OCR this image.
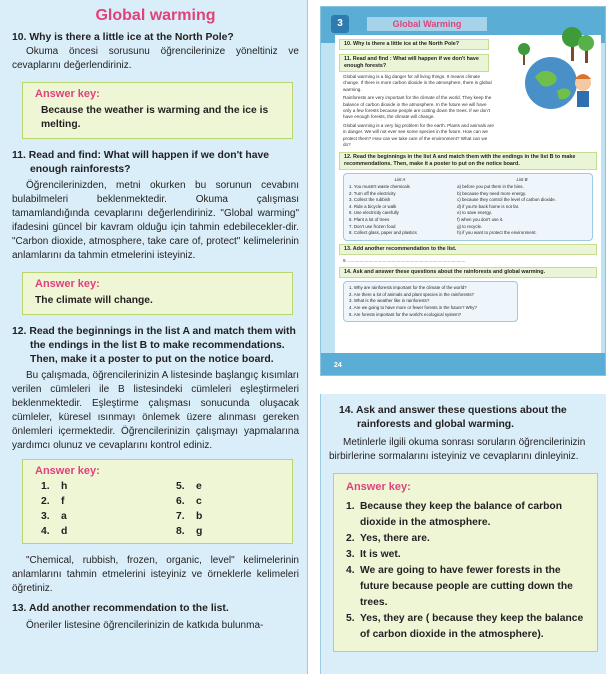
Global warming
10. Why is there a little ice at the North Pole?

Okuma öncesi sorusunu öğrencilerinize yöneltiniz ve cevaplarını değerlendiriniz.

Answer key:
Because the weather is warming and the ice is melting.
11. Read and find: What will happen if we don't have enough rainforests?

Öğrencilerinizden, metni okurken bu sorunun cevabını bulabilmeleri beklenmektedir. Okuma çalışması tamamlandığında cevaplarını değerlendiriniz. "Global warming" ifadesini güncel bir kavram olduğu için tahmin edebilecekler-dir. "Carbon dioxide, atmosphere, take care of, protect" kelimelerinin anlamlarını da tahmin etmelerini isteyiniz.

Answer key:
The climate will change.
12. Read the beginnings in the list A and match them with the endings in the list B to make recommendations. Then, make it a poster to put on the notice board.

Bu çalışmada, öğrencilerinizin A listesinde başlangıç kısımları verilen cümleleri ile B listesindeki cümleleri eşleştirmeleri beklenmektedir. Eşleştirme çalışması sonucunda oluşacak cümleler, küresel ısınmayı önlemek üzere alınması gereken önlemleri içermektedir. Öğrencilerinizin çalışmayı yapmalarına yardımcı olunuz ve cevaplarını kontrol ediniz.

Answer key:
1. h	5. e
2. f	6. c
3. a	7. b
4. d	8. g

"Chemical, rubbish, frozen, organic, level" kelimelerinin anlamlarını tahmin etmelerini isteyiniz ve örneklerle kelimeleri öğretiniz.

13. Add another recommendation to the list.

Öneriler listesine öğrencilerinizin de katkıda bulunma-

3	Global Warming
10. Why is there a little ice at the North Pole?
11. Read and find : What will happen if we don't have enough forests?

Global warming is a big danger for all living things. It means climate change. If there is more carbon dioxide in the atmosphere, there is global warming.

Rainforests are very important for the climate of the world. They keep the balance of carbon dioxide in the atmosphere. In the future we will have only a few forests because people are cutting down the trees. If we don't have enough forests, the climate will change.

Global warming is a very big problem for the earth. Plants and animals are in danger. We will not ever see some species in the future. How can we protect them? How can we take care of the environment? What can we do?

12. Read the beginnings in the list A and match them with the endings in the list B to make recommendations. Then, make it a poster to put on the notice board.
List A
1. You mustn't waste chemicals
2. Turn off the electricity
3. Collect the rubbish
4. Ride a bicycle or walk
5. Use electricity carefully
6. Plant a lot of trees
7. Don't use frozen food
8. Collect glass, paper and plastics
List B
a) before you put them in the bins.
b) because they need more energy.
c) because they control the level of carbon dioxide.
d) if you're back home is not far.
e) to save energy.
f) when you don't use it.
g) to recycle.
h) if you want to protect the environment.
13. Add another recommendation to the list.
9. ............................................................................................
14. Ask and answer these questions about the rainforests and global warming.
1. Why are rainforests important for the climate of the world?
2. Are there a lot of animals and plant species in the rainforests?
3. What is the weather like in rainforests?
4. Are we going to have more or fewer forests in the future? Why?
5. Are forests important for the world's ecological system?
24
14. Ask and answer these questions about the rainforests and global warming.

Metinlerle ilgili okuma sonrası soruların öğrencilerinizin birbirlerine sormalarını isteyiniz ve cevaplarını dinleyiniz.

Answer key:
1. Because they keep the balance of carbon dioxide in the atmosphere.
2. Yes, there are.
3. It is wet.
4. We are going to have fewer forests in the future because people are cutting down the trees.
5. Yes, they are ( because they keep the balance of carbon dioxide in the atmosphere).
